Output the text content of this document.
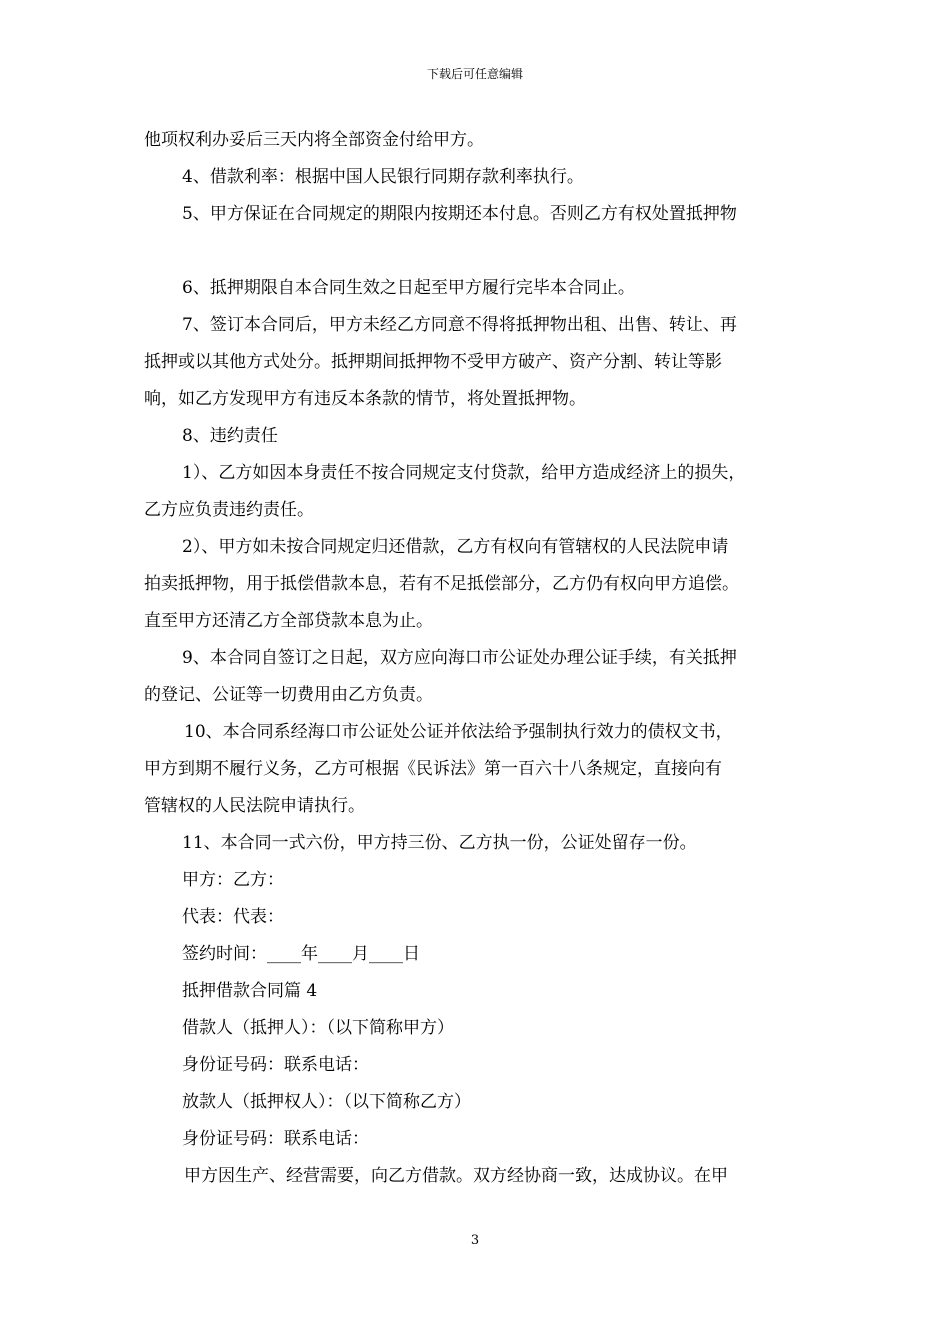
下载后可任意编辑
他项权利办妥后三天内将全部资金付给甲方。
4、借款利率：根据中国人民银行同期存款利率执行。
5、甲方保证在合同规定的期限内按期还本付息。否则乙方有权处置抵押物
6、抵押期限自本合同生效之日起至甲方履行完毕本合同止。
7、签订本合同后，甲方未经乙方同意不得将抵押物出租、出售、转让、再
抵押或以其他方式处分。抵押期间抵押物不受甲方破产、资产分割、转让等影
响，如乙方发现甲方有违反本条款的情节，将处置抵押物。
8、违约责任
1）、乙方如因本身责任不按合同规定支付贷款，给甲方造成经济上的损失，
乙方应负责违约责任。
2）、甲方如未按合同规定归还借款，乙方有权向有管辖权的人民法院申请
拍卖抵押物，用于抵偿借款本息，若有不足抵偿部分，乙方仍有权向甲方追偿。
直至甲方还清乙方全部贷款本息为止。
9、本合同自签订之日起，双方应向海口市公证处办理公证手续，有关抵押
的登记、公证等一切费用由乙方负责。
10、本合同系经海口市公证处公证并依法给予强制执行效力的债权文书，
甲方到期不履行义务，乙方可根据《民诉法》第一百六十八条规定，直接向有
管辖权的人民法院申请执行。
11、本合同一式六份，甲方持三份、乙方执一份，公证处留存一份。
甲方：乙方：
代表：代表：
签约时间：____年____月____日
抵押借款合同篇 4
借款人（抵押人）：（以下简称甲方）
身份证号码：联系电话：
放款人（抵押权人）：（以下简称乙方）
身份证号码：联系电话：
甲方因生产、经营需要，向乙方借款。双方经协商一致，达成协议。在甲
3
